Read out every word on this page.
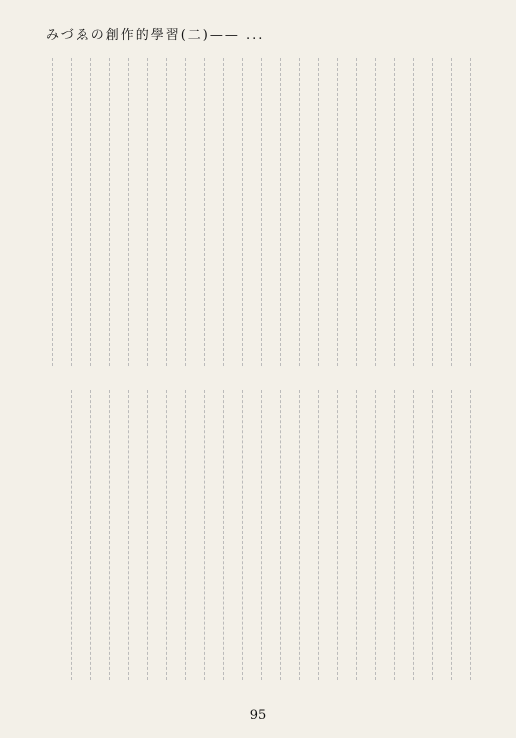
みづゑの創作的學習(二)—— ...
95
